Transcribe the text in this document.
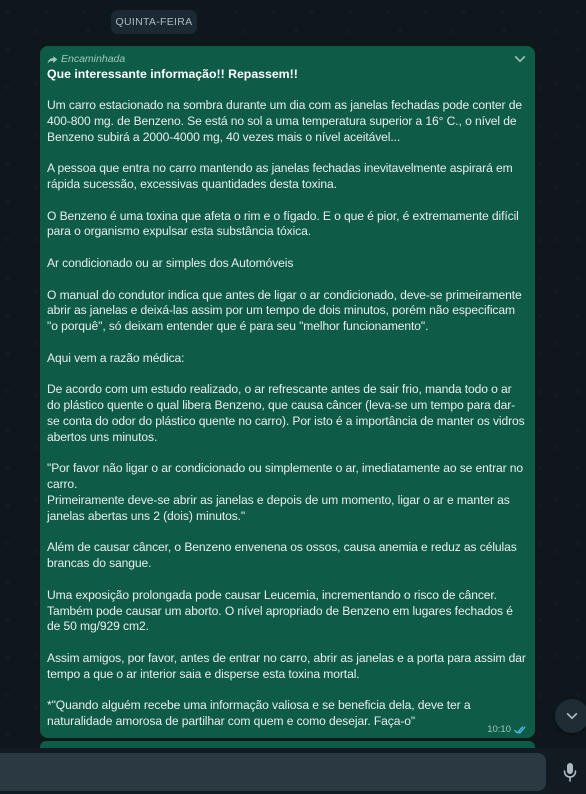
QUINTA-FEIRA
Encaminhada
Que interessante informação!! Repassem!!
Um carro estacionado na sombra durante um dia com as janelas fechadas pode conter de 400-800 mg. de Benzeno. Se está no sol a uma temperatura superior a 16° C., o nível de Benzeno subirá a 2000-4000 mg, 40 vezes mais o nível aceitável...

A pessoa que entra no carro mantendo as janelas fechadas inevitavelmente aspirará em rápida sucessão, excessivas quantidades desta toxina.

O Benzeno é uma toxina que afeta o rim e o fígado. E o que é pior, é extremamente difícil para o organismo expulsar esta substância tóxica.

Ar condicionado ou ar simples dos Automóveis

O manual do condutor indica que antes de ligar o ar condicionado, deve-se primeiramente abrir as janelas e deixá-las assim por um tempo de dois minutos, porém não especificam "o porquê", só deixam entender que é para seu "melhor funcionamento".

Aqui vem a razão médica:

De acordo com um estudo realizado, o ar refrescante antes de sair frio, manda todo o ar do plástico quente o qual libera Benzeno, que causa câncer (leva-se um tempo para dar-se conta do odor do plástico quente no carro). Por isto é a importância de manter os vidros abertos uns minutos.

"Por favor não ligar o ar condicionado ou simplemente o ar, imediatamente ao se entrar no carro.
Primeiramente deve-se abrir as janelas e depois de um momento, ligar o ar e manter as janelas abertas uns 2 (dois) minutos."

Além de causar câncer, o Benzeno envenena os ossos, causa anemia e reduz as células brancas do sangue.

Uma exposição prolongada pode causar Leucemia, incrementando o risco de câncer. Também pode causar um aborto. O nível apropriado de Benzeno em lugares fechados é de 50 mg/929 cm2.

Assim amigos, por favor, antes de entrar no carro, abrir as janelas e a porta para assim dar tempo a que o ar interior saia e disperse esta toxina mortal.

*"Quando alguém recebe uma informação valiosa e se beneficia dela, deve ter a naturalidade amorosa de partilhar com quem e como desejar. Faça-o"
10:10
